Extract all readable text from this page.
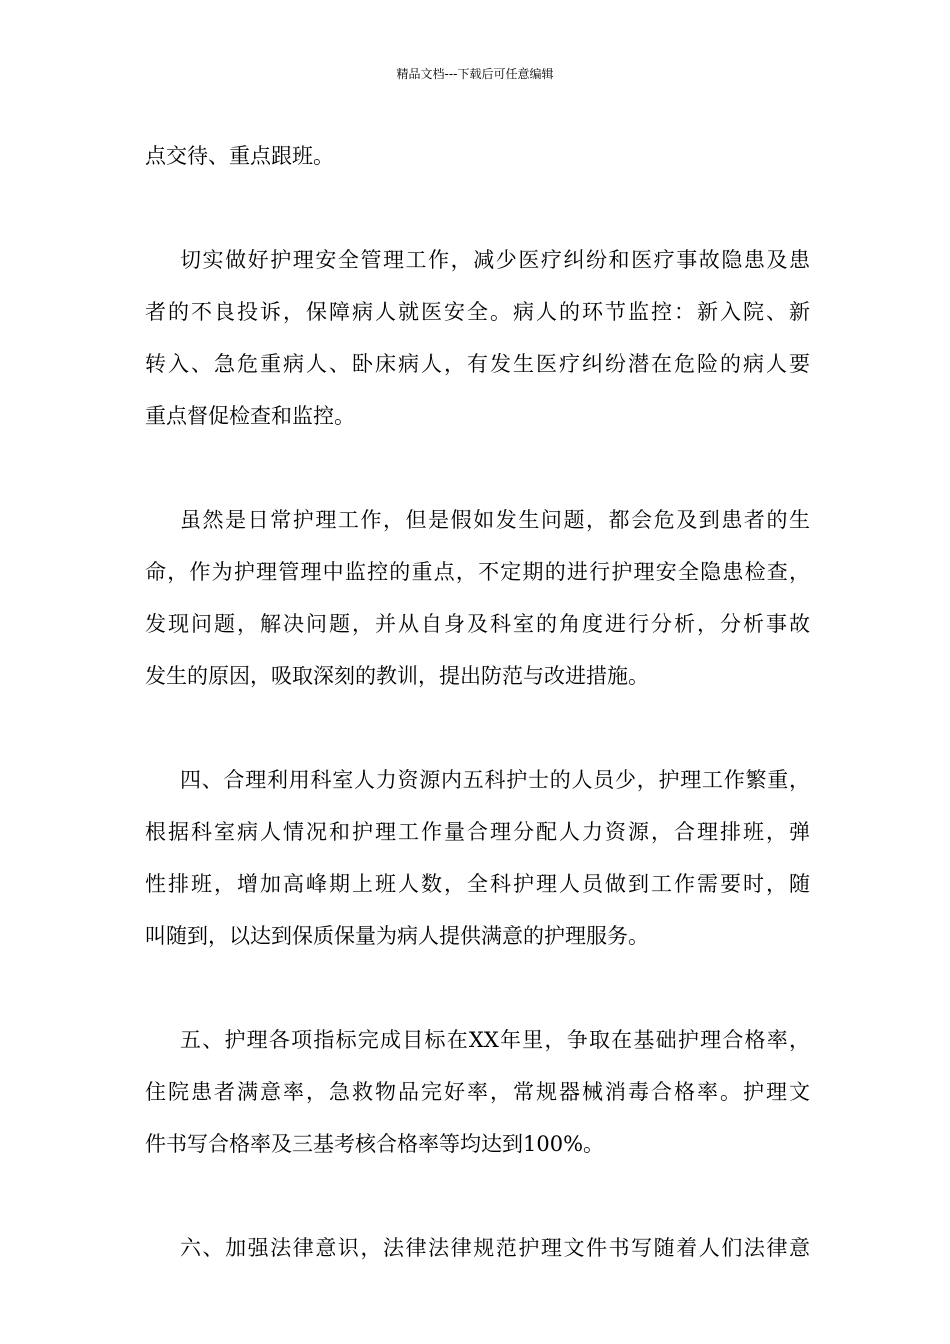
精品文档---下载后可任意编辑
点交待、重点跟班。
切实做好护理安全管理工作，减少医疗纠纷和医疗事故隐患及患
者的不良投诉，保障病人就医安全。病人的环节监控：新入院、新
转入、急危重病人、卧床病人，有发生医疗纠纷潜在危险的病人要
重点督促检查和监控。
虽然是日常护理工作，但是假如发生问题，都会危及到患者的生
命，作为护理管理中监控的重点，不定期的进行护理安全隐患检查，
发现问题，解决问题，并从自身及科室的角度进行分析，分析事故
发生的原因，吸取深刻的教训，提出防范与改进措施。
四、合理利用科室人力资源内五科护士的人员少，护理工作繁重，
根据科室病人情况和护理工作量合理分配人力资源，合理排班，弹
性排班，增加高峰期上班人数，全科护理人员做到工作需要时，随
叫随到，以达到保质保量为病人提供满意的护理服务。
五、护理各项指标完成目标在XX年里，争取在基础护理合格率，
住院患者满意率，急救物品完好率，常规器械消毒合格率。护理文
件书写合格率及三基考核合格率等均达到100%。
六、加强法律意识，法律法律规范护理文件书写随着人们法律意
